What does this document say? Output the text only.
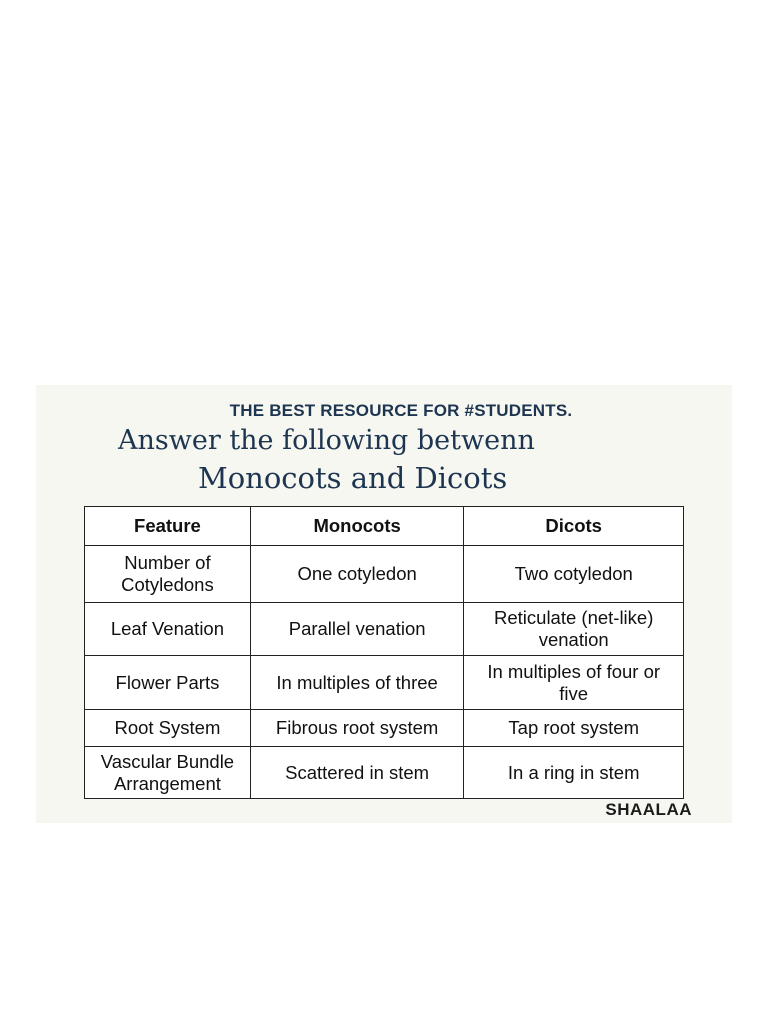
THE BEST RESOURCE FOR #STUDENTS.
Answer the following betwenn
Monocots and Dicots
Feature	Monocots	Dicots
Number of Cotyledons	One cotyledon	Two cotyledon
Leaf Venation	Parallel venation	Reticulate (net-like) venation
Flower Parts	In multiples of three	In multiples of four or five
Root System	Fibrous root system	Tap root system
Vascular Bundle Arrangement	Scattered in stem	In a ring in stem
SHAALAA
